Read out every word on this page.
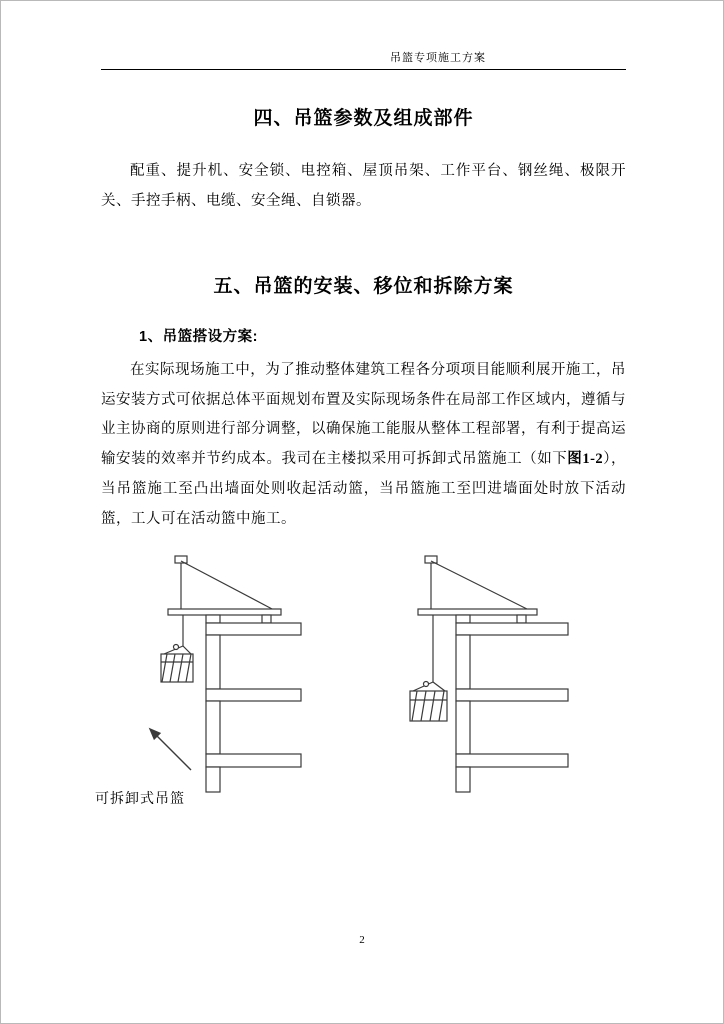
吊篮专项施工方案
四、吊篮参数及组成部件

配重、提升机、安全锁、电控箱、屋顶吊架、工作平台、钢丝绳、极限开关、手控手柄、电缆、安全绳、自锁器。

五、吊篮的安装、移位和拆除方案
1、吊篮搭设方案:

在实际现场施工中，为了推动整体建筑工程各分项项目能顺利展开施工，吊运安装方式可依据总体平面规划布置及实际现场条件在局部工作区域内，遵循与业主协商的原则进行部分调整，以确保施工能服从整体工程部署，有利于提高运输安装的效率并节约成本。我司在主楼拟采用可拆卸式吊篮施工（如下图1-2），当吊篮施工至凸出墙面处则收起活动篮，当吊篮施工至凹进墙面处时放下活动篮，工人可在活动篮中施工。

可拆卸式吊篮
2
